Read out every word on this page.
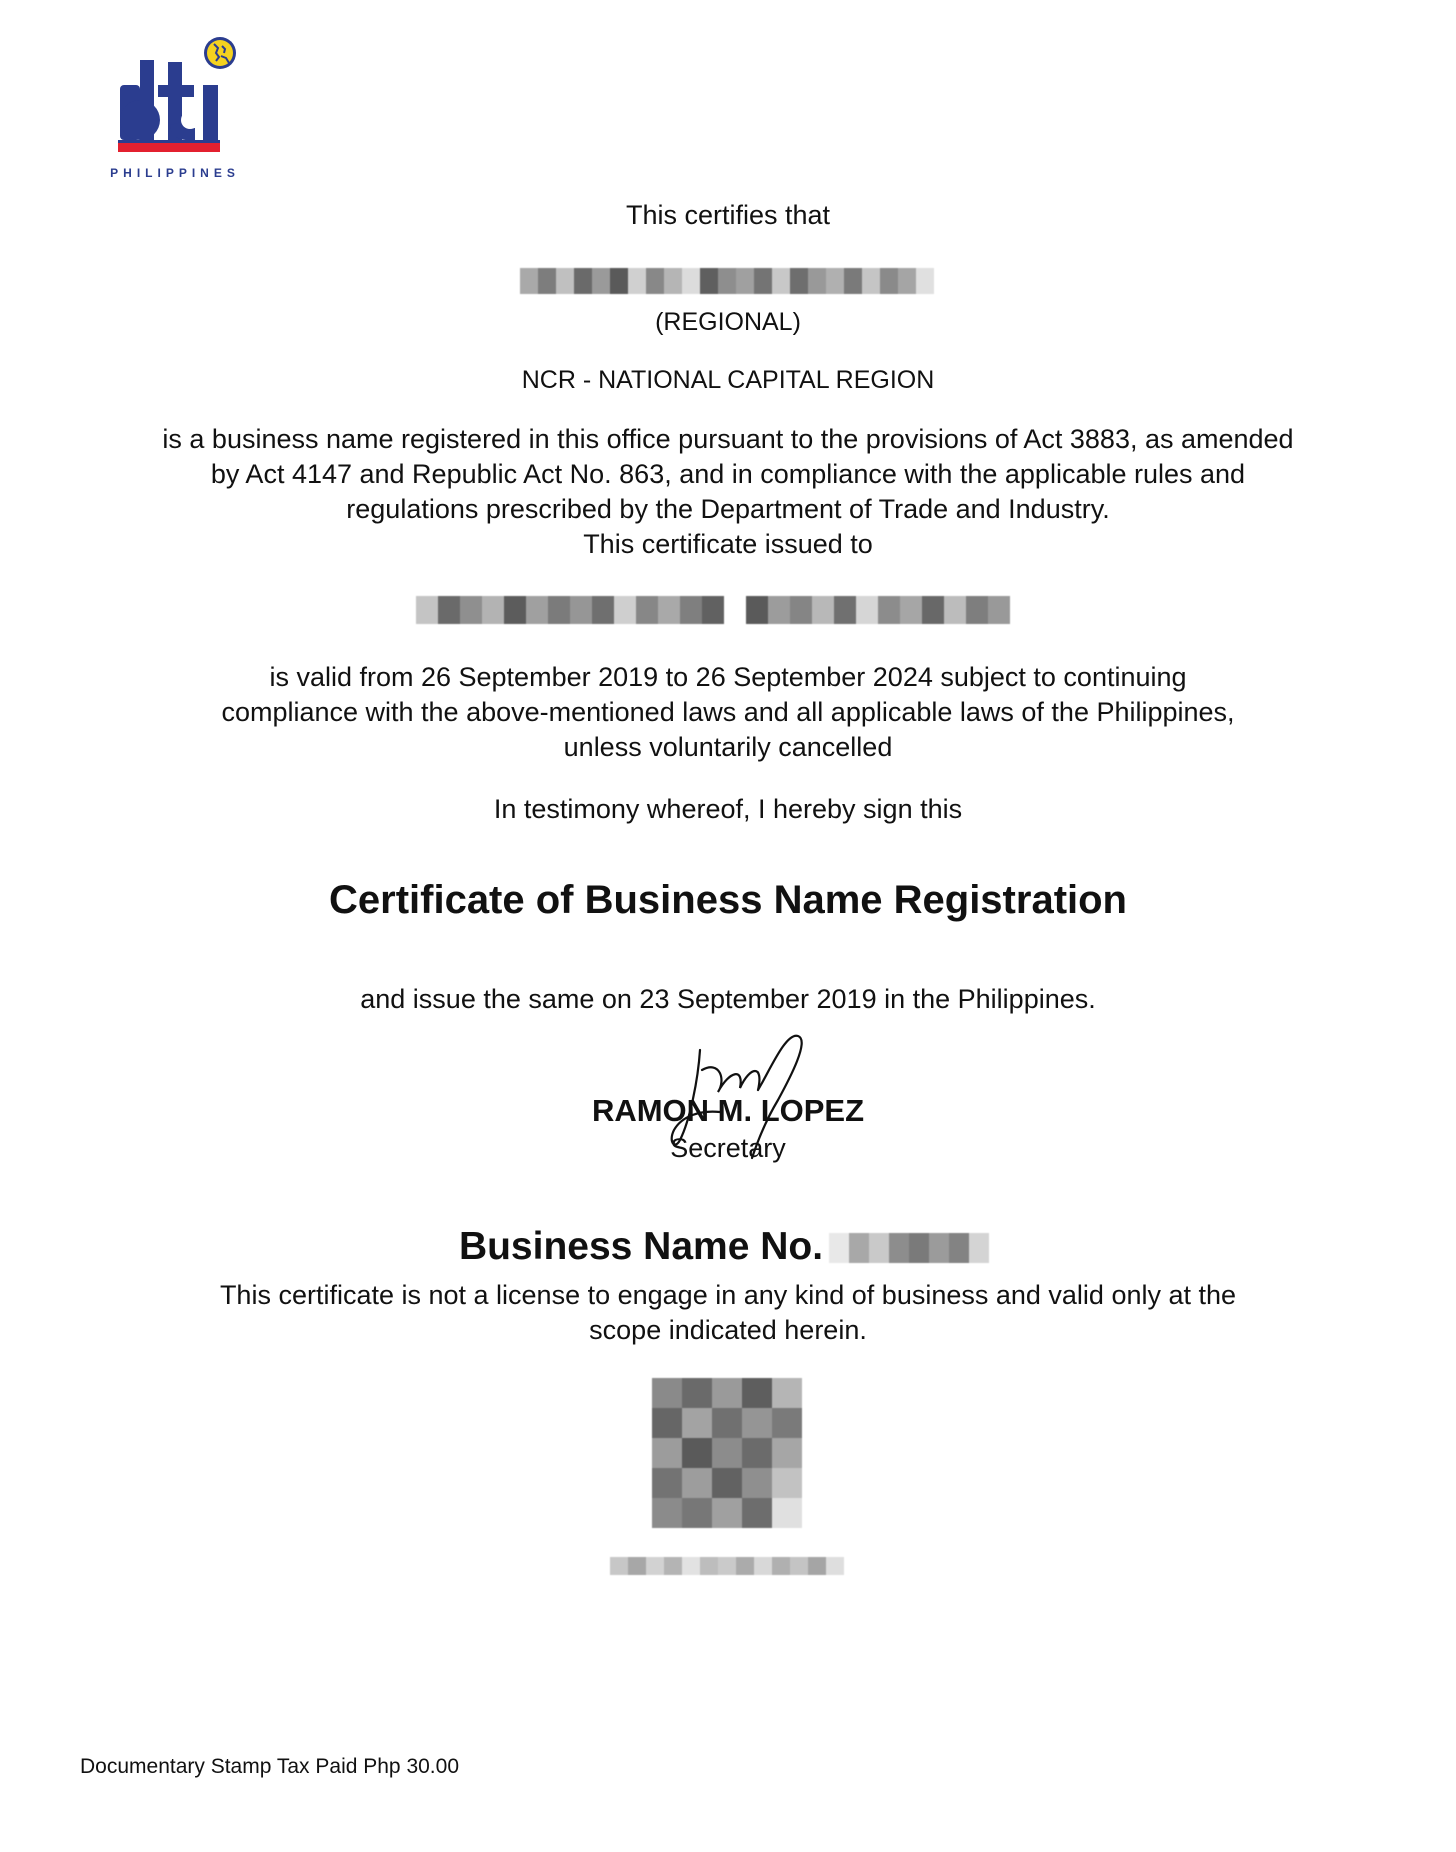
PHILIPPINES
This certifies that
(REGIONAL)
NCR - NATIONAL CAPITAL REGION
is a business name registered in this office pursuant to the provisions of Act 3883, as amended
by Act 4147 and Republic Act No. 863, and in compliance with the applicable rules and
regulations prescribed by the Department of Trade and Industry.
This certificate issued to
is valid from 26 September 2019 to 26 September 2024 subject to continuing
compliance with the above-mentioned laws and all applicable laws of the Philippines,
unless voluntarily cancelled
In testimony whereof, I hereby sign this
Certificate of Business Name Registration
and issue the same on 23 September 2019 in the Philippines.
RAMON M. LOPEZ
Secretary
Business Name No.
This certificate is not a license to engage in any kind of business and valid only at the
scope indicated herein.
Documentary Stamp Tax Paid Php 30.00
